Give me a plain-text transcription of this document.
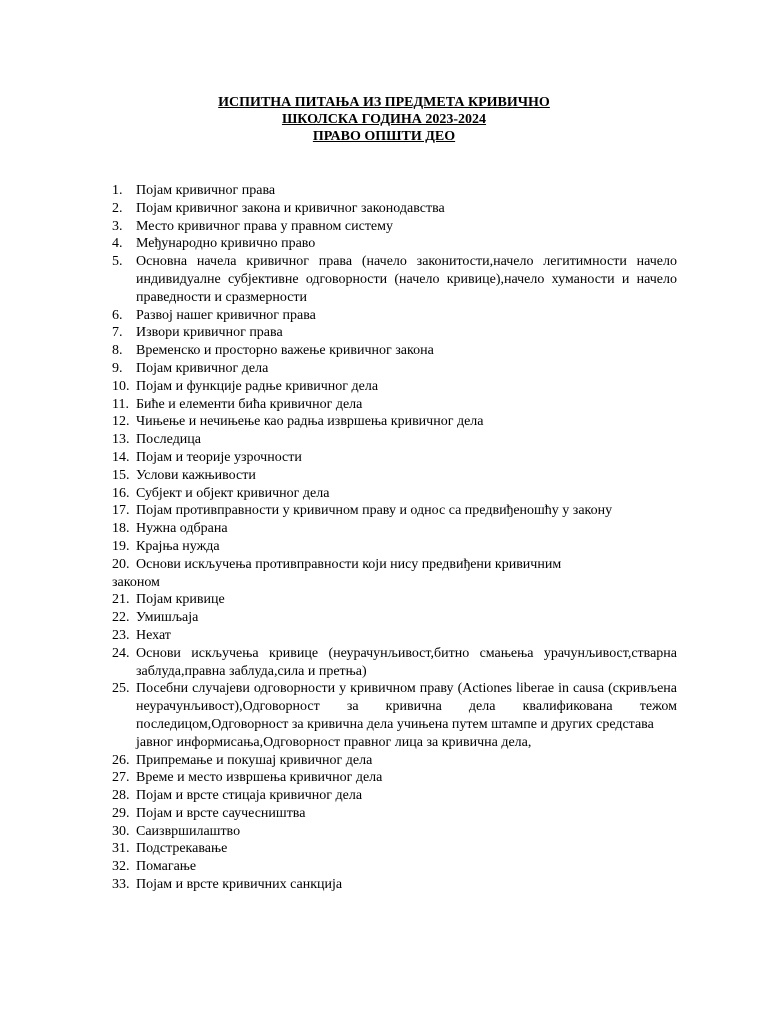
ИСПИТНА ПИТАЊА ИЗ ПРЕДМЕТА КРИВИЧНО
ШКОЛСКА ГОДИНА 2023-2024
ПРАВО ОПШТИ ДЕО
1. Појам кривичног права
2. Појам кривичног закона и кривичног законодавства
3. Место кривичног права у правном систему
4. Међународно кривично право
5. Основна начела кривичног права (начело законитости,начело легитимности начело индивидуалне субјективне одговорности (начело кривице),начело хуманости и начело праведности и сразмерности
6. Развој нашег кривичног права
7. Извори кривичног права
8. Временско и просторно важење кривичног закона
9. Појам кривичног дела
10. Појам и функције радње кривичног дела
11. Биће и елементи бића кривичног дела
12. Чињење и нечињење као радња извршења кривичног дела
13. Последица
14. Појам и теорије узрочности
15. Услови кажњивости
16. Субјект и објект кривичног дела
17. Појам противправности у кривичном праву и однос са предвиђеношћу у закону
18. Нужна одбрана
19. Крајња нужда
20. Основи искључења противправности који нису предвиђени кривичним
законом
21. Појам кривице
22. Умишљаја
23. Нехат
24. Основи искључења кривице (неурачунљивост,битно смањења урачунљивост,стварна заблуда,правна заблуда,сила и претња)
25. Посебни случајеви одговорности у кривичном праву (Actiones liberae in causa (скривљена неурачунљивост),Одговорност за кривична дела квалификована тежом последицом,Одговорност за кривична дела учињена путем штампе и других средстава
јавног информисања,Одговорност правног лица за кривична дела,
26. Припремање и покушај кривичног дела
27. Време и место извршења кривичног дела
28. Појам и врсте стицаја кривичног дела
29. Појам и врсте саучесништва
30. Саизвршилаштво
31. Подстрекавање
32. Помагање
33. Појам и врсте кривичних санкција
